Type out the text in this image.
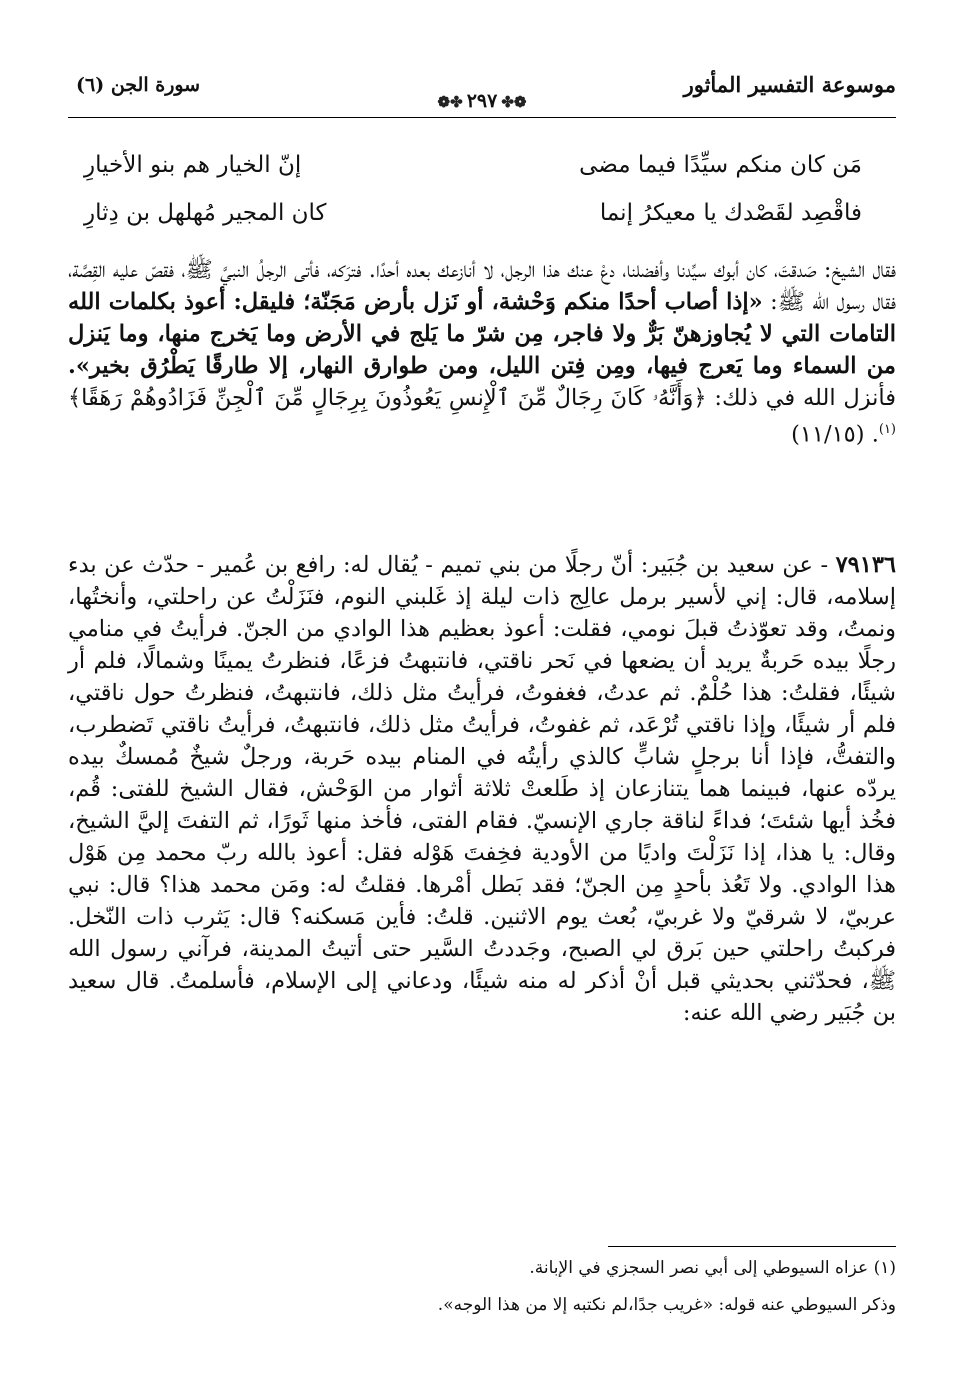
موسوعة التفسير المأثور
سورة الجن (٦)
❁✤٢٩٧✤❁
مَن كان منكم سيِّدًا فيما مضى
إنّ الخيار هم بنو الأخيارِ
فاقْصِد لقَصْدك يا معيكرُ إنما
كان المجير مُهلهل بن دِثارِ
فقال الشيخ: صَدقتَ، كان أبوك سيِّدنا وأفضلنا، دعْ عنك هذا الرجل، لا أنازعك بعده أحدًا. فترَكه، فأتى الرجلُ النبيَّ ﷺ، فقصّ عليه القِصَّة، فقال رسول الله ﷺ: «إذا أصاب أحدًا منكم وَحْشة، أو نَزل بأرض مَجَنّة؛ فليقل: أعوذ بكلمات الله التامات التي لا يُجاوزهنّ بَرٌّ ولا فاجر، مِن شرّ ما يَلج في الأرض وما يَخرج منها، وما يَنزل من السماء وما يَعرج فيها، ومِن فِتن الليل، ومن طوارق النهار، إلا طارقًا يَطْرُق بخير». فأنزل الله في ذلك: ﴿وَأَنَّهُۥ كَانَ رِجَالٌ مِّنَ ٱلْإِنسِ يَعُوذُونَ بِرِجَالٍ مِّنَ ٱلْجِنِّ فَزَادُوهُمْ رَهَقًا﴾$^{(١)}$. (١١/١٥)
٧٩١٣٦ - عن سعيد بن جُبَير: أنّ رجلًا من بني تميم - يُقال له: رافع بن عُمير - حدّث عن بدء إسلامه، قال: إني لأسير برمل عالِج ذات ليلة إذ غَلبني النوم، فنَزَلْتُ عن راحلتي، وأنختُها، ونمتُ، وقد تعوّذتُ قبلَ نومي، فقلت: أعوذ بعظيم هذا الوادي من الجنّ. فرأيتُ في منامي رجلًا بيده حَربةٌ يريد أن يضعها في نَحر ناقتي، فانتبهتُ فزعًا، فنظرتُ يمينًا وشمالًا، فلم أر شيئًا، فقلتُ: هذا حُلْمٌ. ثم عدتُ، فغفوتُ، فرأيتُ مثل ذلك، فانتبهتُ، فنظرتُ حول ناقتي، فلم أر شيئًا، وإذا ناقتي تُرْعَد، ثم غفوتُ، فرأيتُ مثل ذلك، فانتبهتُ، فرأيتُ ناقتي تَضطرب، والتفتُّ، فإذا أنا برجلٍ شابٍّ كالذي رأيتُه في المنام بيده حَربة، ورجلٌ شيخٌ مُمسكٌ بيده يردّه عنها، فبينما هما يتنازعان إذ طَلعتْ ثلاثة أثوار من الوَحْش، فقال الشيخ للفتى: قُم، فخُذ أيها شئتَ؛ فداءً لناقة جاري الإنسيّ. فقام الفتى، فأخذ منها ثَورًا، ثم التفتَ إليَّ الشيخ، وقال: يا هذا، إذا نَزَلْتَ واديًا من الأودية فخِفتَ هَوْله فقل: أعوذ بالله ربّ محمد مِن هَوْل هذا الوادي. ولا تَعُذ بأحدٍ مِن الجنّ؛ فقد بَطل أمْرها. فقلتُ له: ومَن محمد هذا؟ قال: نبي عربيّ، لا شرقيّ ولا غربيّ، بُعث يوم الاثنين. قلتُ: فأين مَسكنه؟ قال: يَثرب ذات النّخل. فركبتُ راحلتي حين بَرق لي الصبح، وجَددتُ السَّير حتى أتيتُ المدينة، فرآني رسول الله ﷺ، فحدّثني بحديثي قبل أنْ أذكر له منه شيئًا، ودعاني إلى الإسلام، فأسلمتُ. قال سعيد بن جُبَير رضي الله عنه:
(١) عزاه السيوطي إلى أبي نصر السجزي في الإبانة.
وذكر السيوطي عنه قوله: «غريب جدًا،لم نكتبه إلا من هذا الوجه».
